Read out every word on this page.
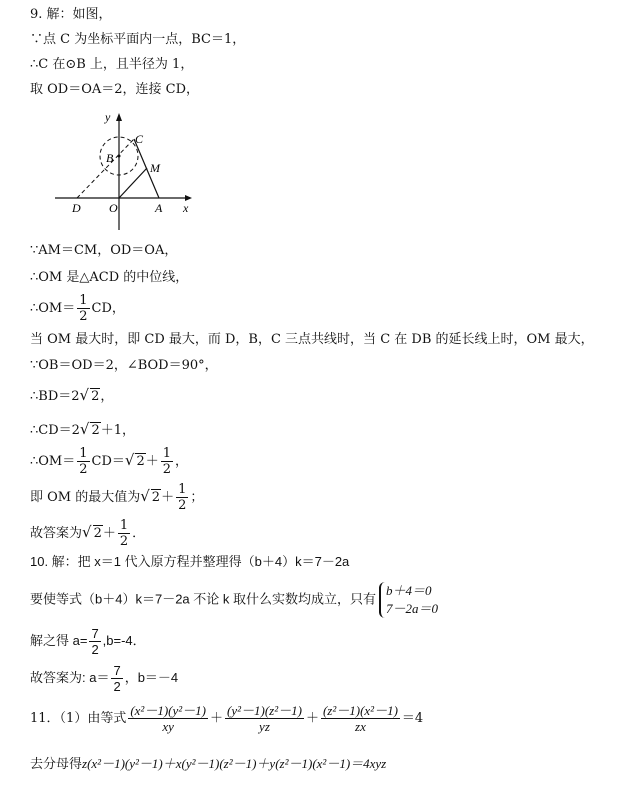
9. 解：如图，
∵点 C 为坐标平面内一点，BC＝1，
∴C 在⊙B 上，且半径为 1，
取 OD＝OA＝2，连接 CD，
y
C
B
M
D O	A x
∵AM＝CM，OD＝OA，
∴OM 是△ACD 的中位线，
∴OM＝ $\frac{1}{2}$ CD，
当 OM 最大时，即 CD 最大，而 D，B，C 三点共线时，当 C 在 DB 的延长线上时，OM 最大，
∵OB＝OD＝2，∠BOD＝90°，
∴BD＝2√ 2，
∴CD＝2√ 2＋1，
∴OM＝ $\frac{1}{2} CD=√$ $2+ \frac{1}{2}$ ，
即 OM 的最大值为√ $2+ \frac{1}{2}$ ；
故答案为√ $2+ \frac{1}{2}$ ．
10. 解：把 x＝1 代入原方程并整理得（b＋4）k＝7－2a
要使等式（b＋4）k＝7－2a 不论 k 取什么实数均成立，只有
b＋4＝0
7－2a＝0
解之得 $a= \frac{7}{2} ,b=-4$．
故答案为: $a= \frac{7}{2}$ ，b＝－4
11．（1）由等式 $\frac{\text{(x²－1)(y²－1)}}{xy} + \frac{\text{(y²－1)(z²－1)}}{yz} + \frac{\text{(z²－1)(x²－1)}}{zx} =4$
去分母得z(x²－1)(y²－1)＋x(y²－1)(z²－1)＋y(z²－1)(x²－1)＝4xyz
